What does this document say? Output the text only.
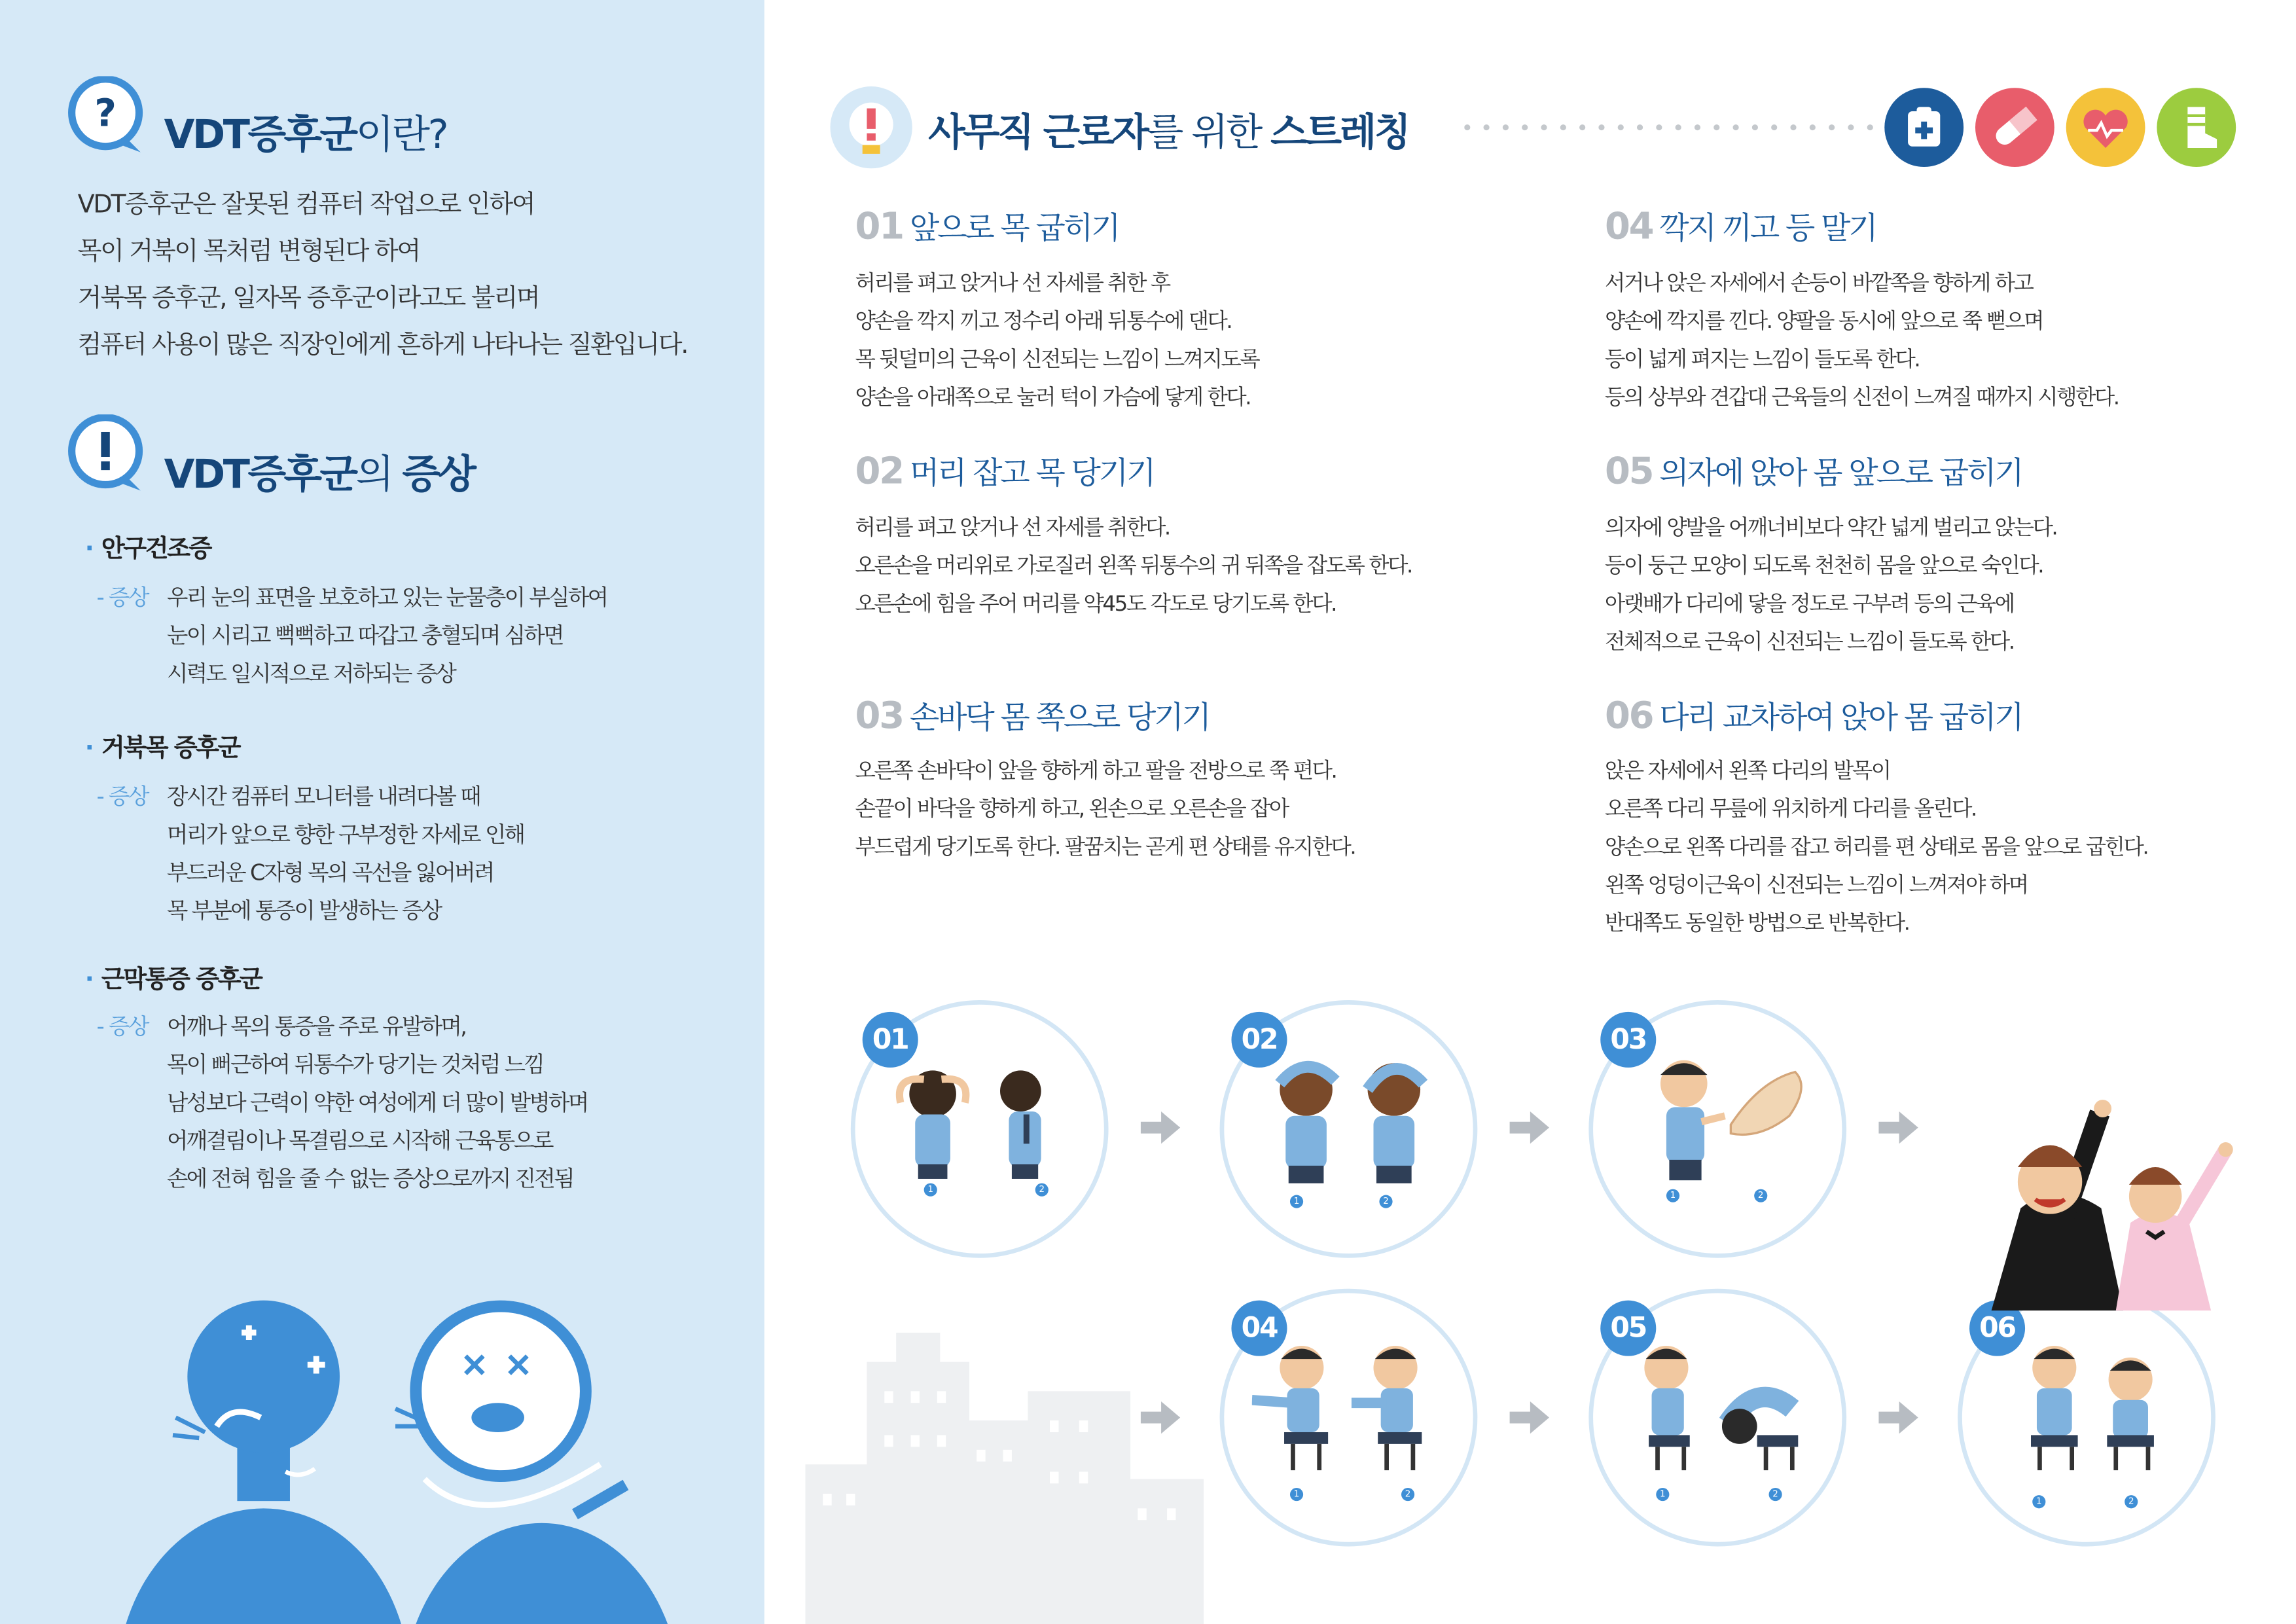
?	VDT증후군이란?
VDT증후군은 잘못된 컴퓨터 작업으로 인하여
목이 거북이 목처럼 변형된다 하여
거북목 증후군, 일자목 증후군이라고도 불리며
컴퓨터 사용이 많은 직장인에게 흔하게 나타나는 질환입니다.
VDT증후군의 증상
· 안구건조증
- 증상 우리 눈의 표면을 보호하고 있는 눈물층이 부실하여
눈이 시리고 뻑뻑하고 따갑고 충혈되며 심하면
시력도 일시적으로 저하되는 증상
· 거북목 증후군
- 증상 장시간 컴퓨터 모니터를 내려다볼 때
머리가 앞으로 향한 구부정한 자세로 인해
부드러운 C자형 목의 곡선을 잃어버려
목 부분에 통증이 발생하는 증상
· 근막통증 증후군
- 증상 어깨나 목의 통증을 주로 유발하며,
목이 뻐근하여 뒤통수가 당기는 것처럼 느낌
남성보다 근력이 약한 여성에게 더 많이 발병하며
어깨결림이나 목결림으로 시작해 근육통으로
손에 전혀 힘을 줄 수 없는 증상으로까지 진전됨
사무직 근로자를 위한 스트레칭
01 앞으로 목 굽히기
허리를 펴고 앉거나 선 자세를 취한 후
양손을 깍지 끼고 정수리 아래 뒤통수에 댄다.
목 뒷덜미의 근육이 신전되는 느낌이 느껴지도록
양손을 아래쪽으로 눌러 턱이 가슴에 닿게 한다.
02 머리 잡고 목 당기기
허리를 펴고 앉거나 선 자세를 취한다.
오른손을 머리위로 가로질러 왼쪽 뒤통수의 귀 뒤쪽을 잡도록 한다.
오른손에 힘을 주어 머리를 약45도 각도로 당기도록 한다.
03 손바닥 몸 쪽으로 당기기
오른쪽 손바닥이 앞을 향하게 하고 팔을 전방으로 쭉 편다.
손끝이 바닥을 향하게 하고, 왼손으로 오른손을 잡아
부드럽게 당기도록 한다. 팔꿈치는 곧게 편 상태를 유지한다.
04 깍지 끼고 등 말기
서거나 앉은 자세에서 손등이 바깥쪽을 향하게 하고
양손에 깍지를 낀다. 양팔을 동시에 앞으로 쭉 뻗으며
등이 넓게 펴지는 느낌이 들도록 한다.
등의 상부와 견갑대 근육들의 신전이 느껴질 때까지 시행한다.
05 의자에 앉아 몸 앞으로 굽히기
의자에 양발을 어깨너비보다 약간 넓게 벌리고 앉는다.
등이 둥근 모양이 되도록 천천히 몸을 앞으로 숙인다.
아랫배가 다리에 닿을 정도로 구부려 등의 근육에
전체적으로 근육이 신전되는 느낌이 들도록 한다.
06 다리 교차하여 앉아 몸 굽히기
앉은 자세에서 왼쪽 다리의 발목이
오른쪽 다리 무릎에 위치하게 다리를 올린다.
양손으로 왼쪽 다리를 잡고 허리를 편 상태로 몸을 앞으로 굽힌다.
왼쪽 엉덩이근육이 신전되는 느낌이 느껴져야 하며
반대쪽도 동일한 방법으로 반복한다.
01	02	03
04	05	06
1	2
1	2
1	2
1	2	1	2
1	2
